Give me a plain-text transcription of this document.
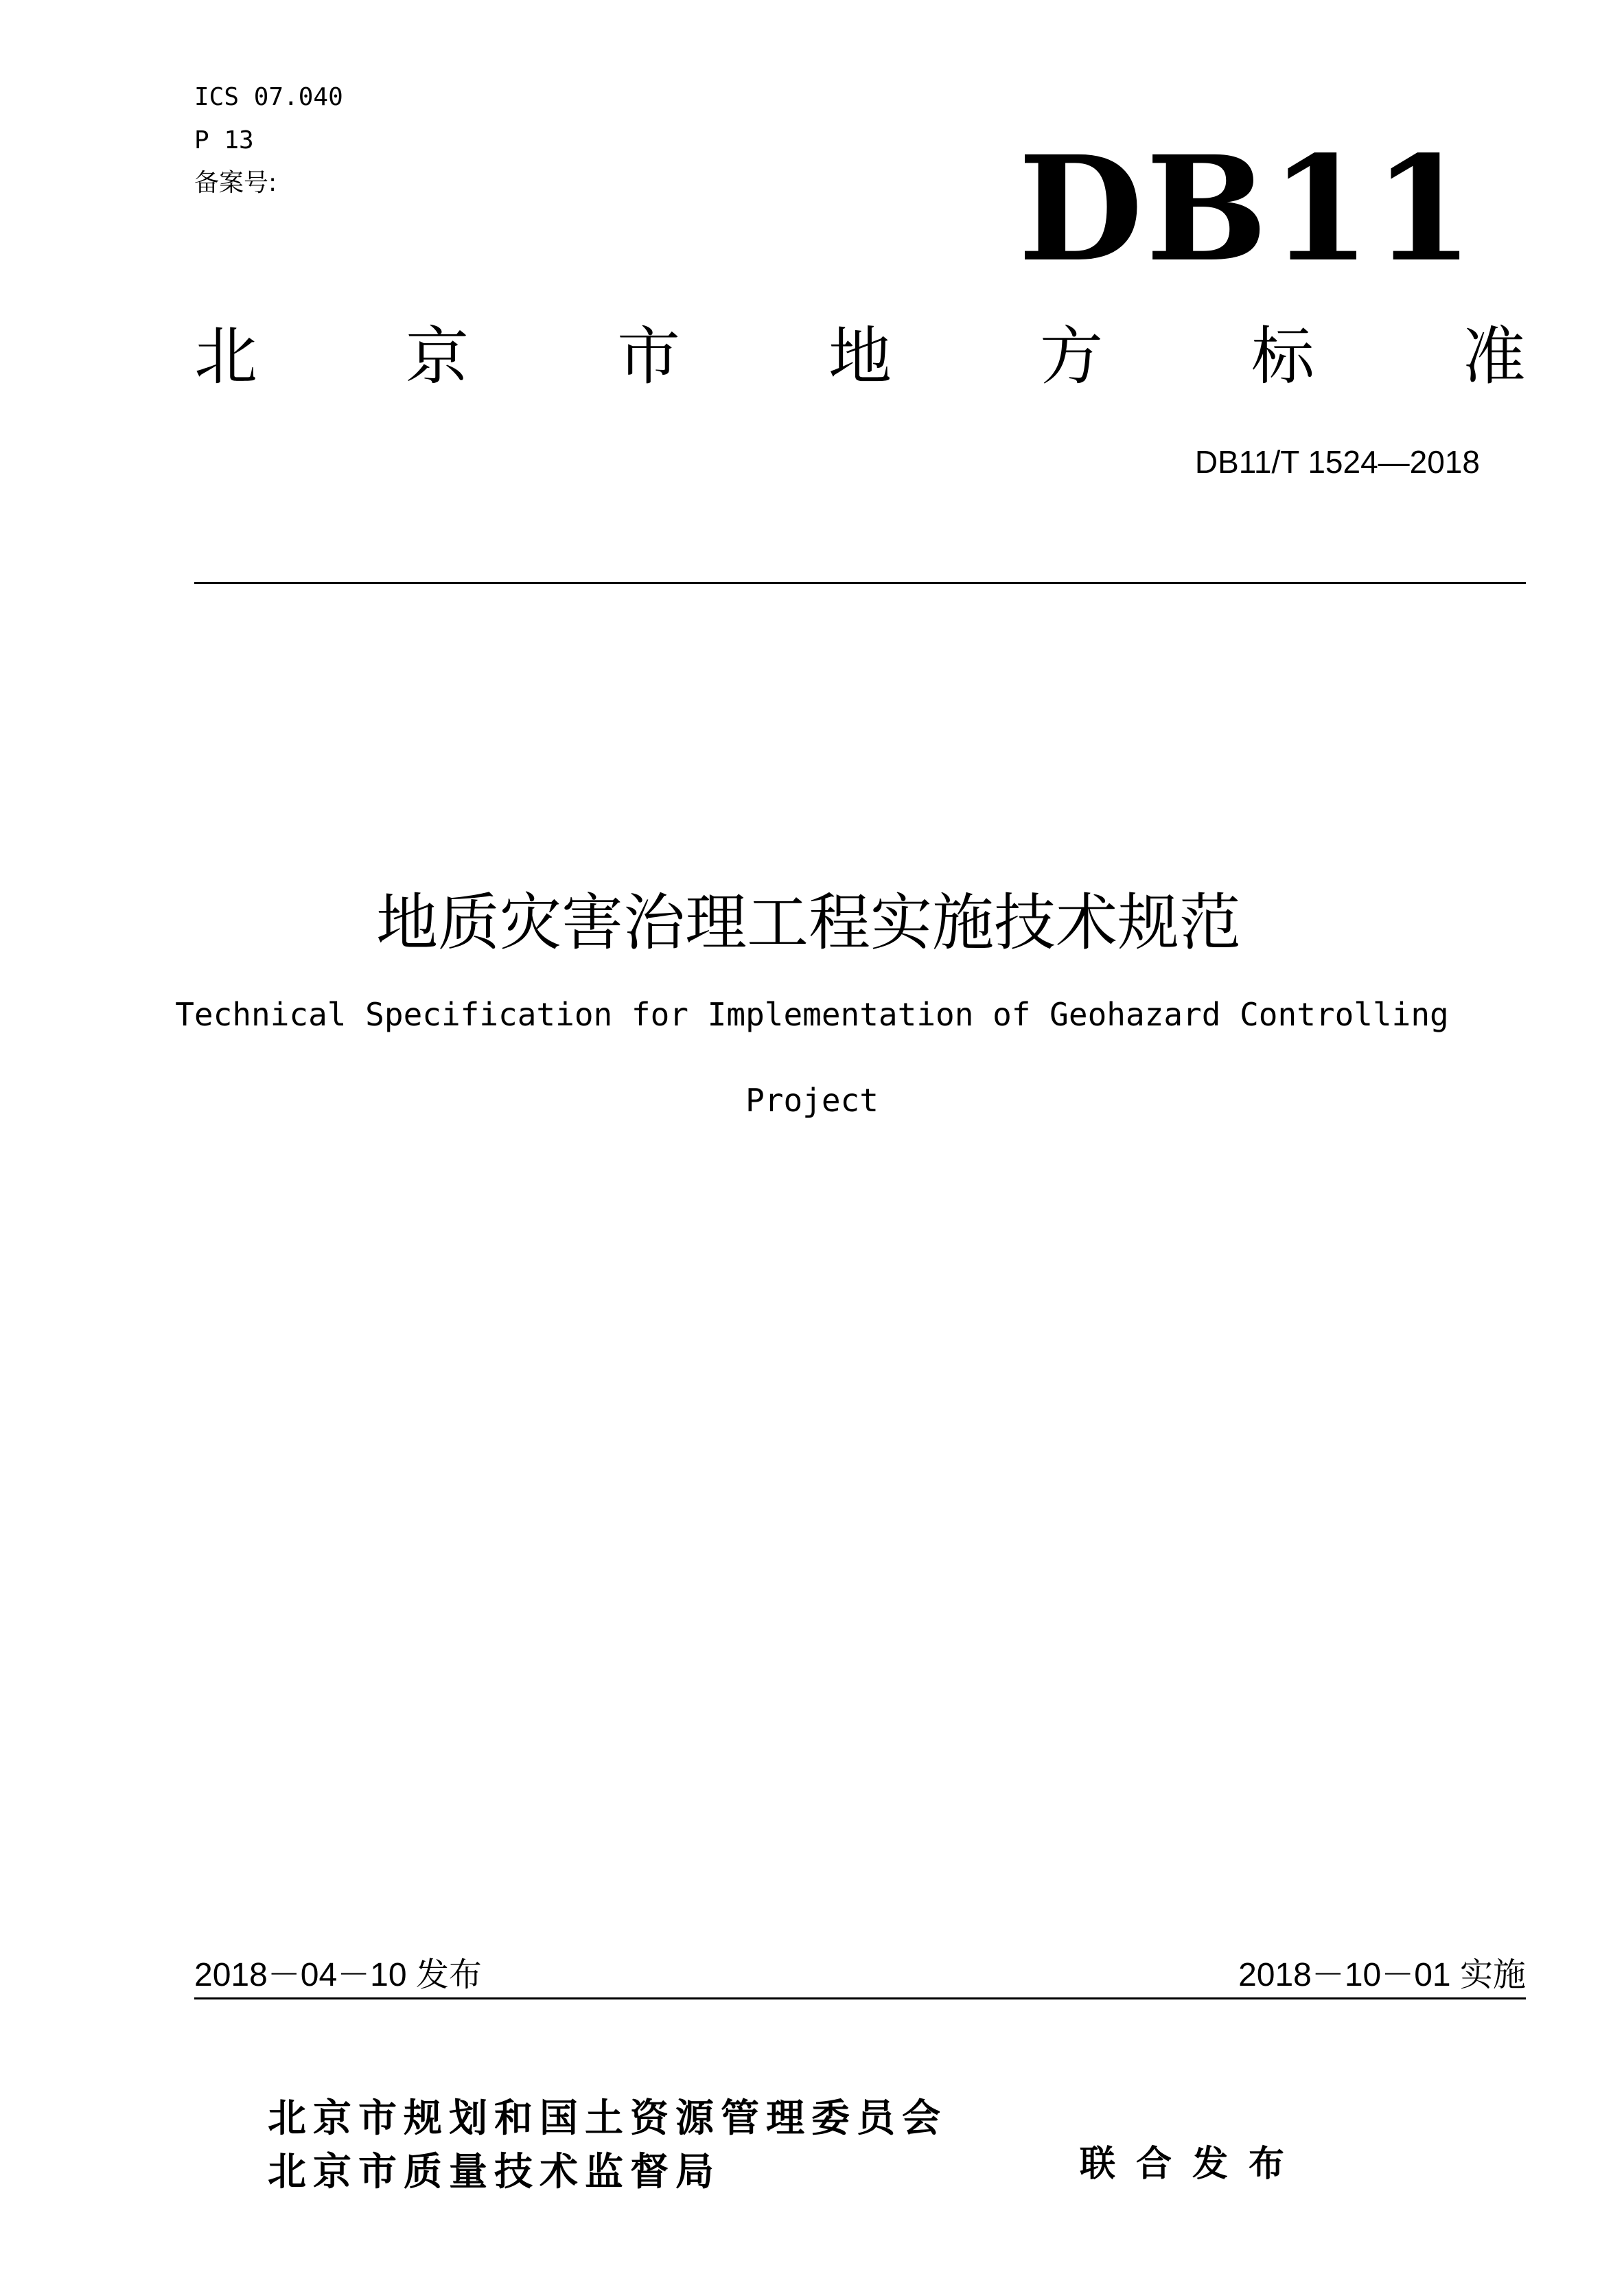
ICS 07.040
P 13
备案号:	DB11
北 京 市 地 方 标 准
DB11/T 1524—2018
地质灾害治理工程实施技术规范
Technical Specification for Implementation of Geohazard Controlling
Project
2018－04－10 发布	2018－10－01 实施
北京市规划和国土资源管理委员会
北京市质量技术监督局	联合发布
